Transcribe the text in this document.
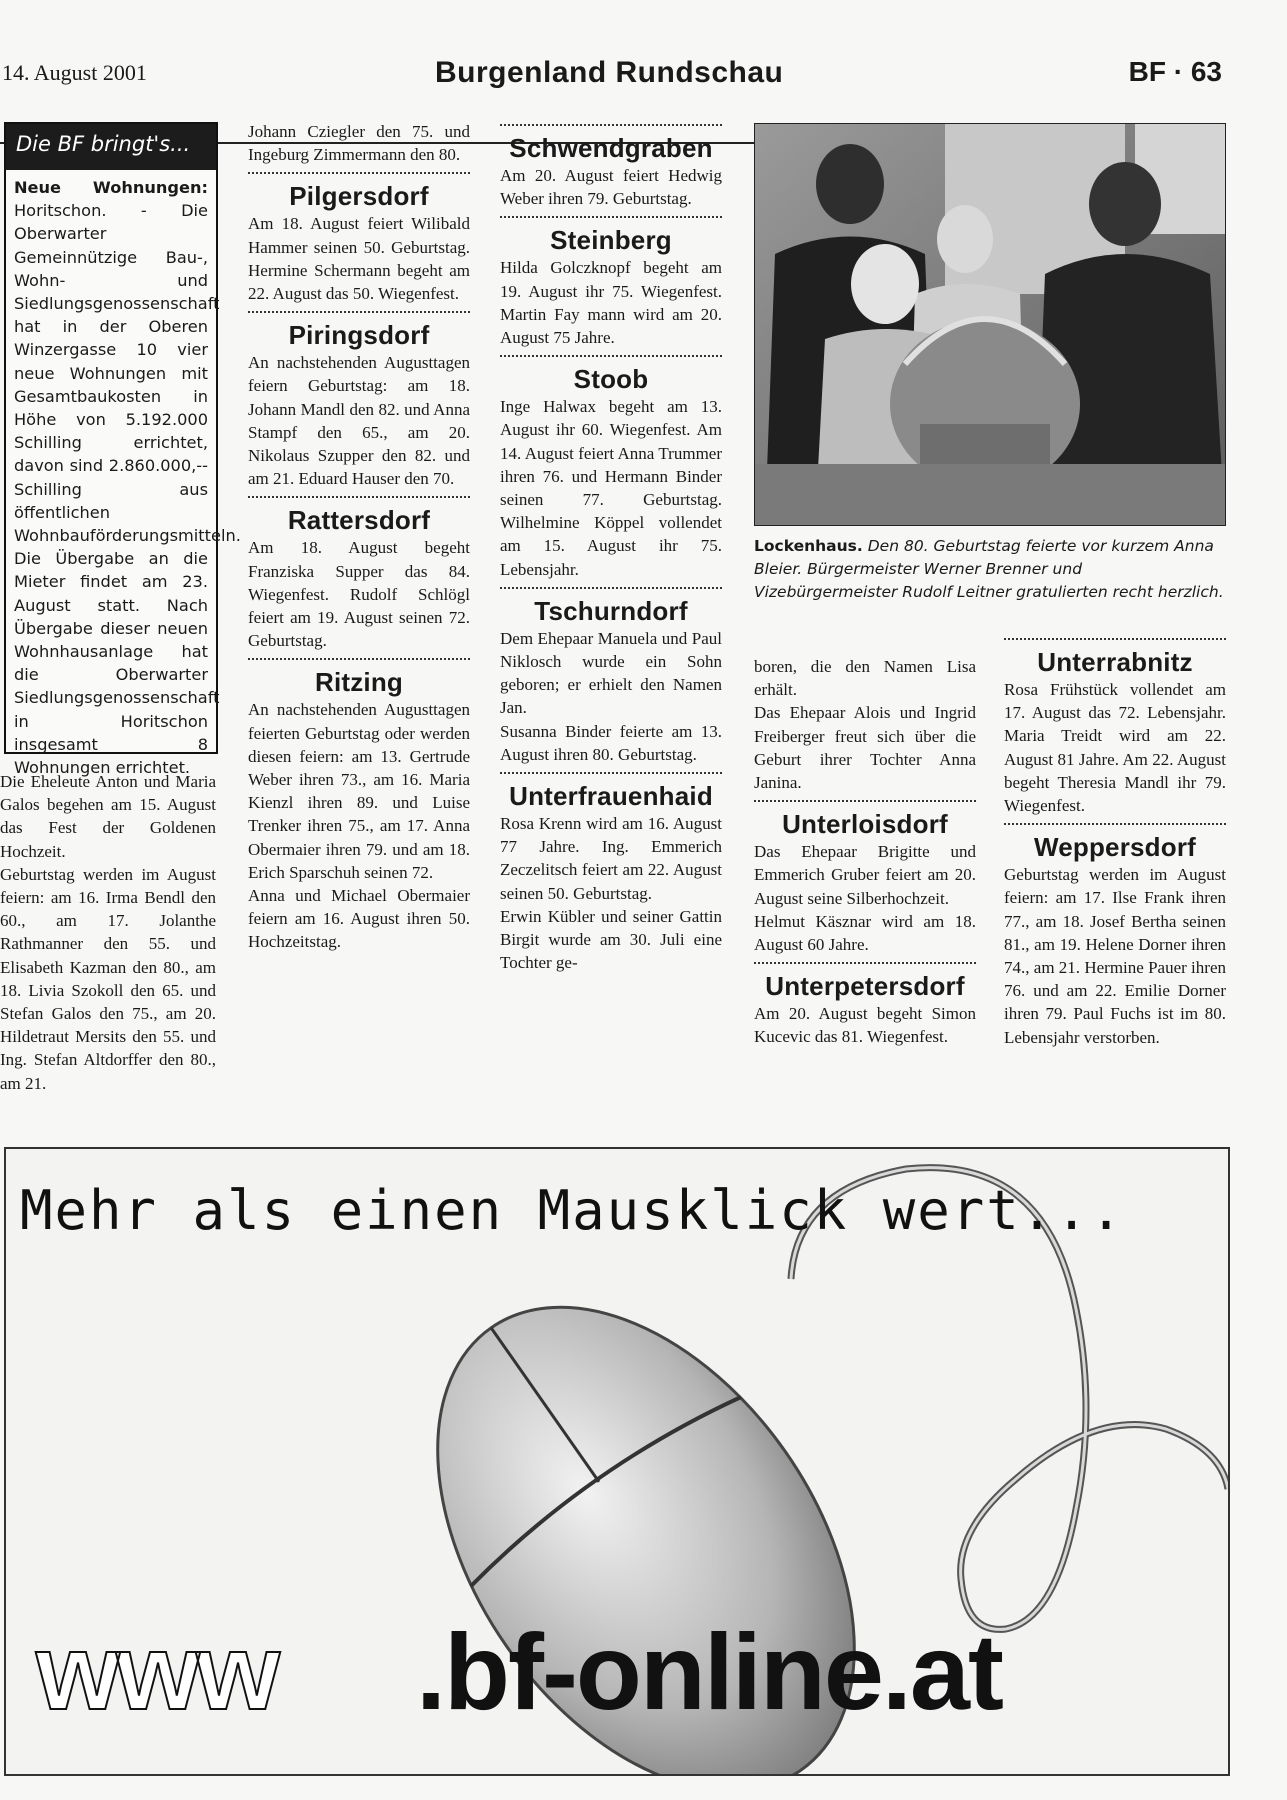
14. August 2001	Burgenland Rundschau	BF · 63
Die BF bringt's...
Neue Wohnungen: Horitschon. - Die Oberwarter Gemeinnützige Bau-, Wohn- und Siedlungsgenossenschaft hat in der Oberen Winzergasse 10 vier neue Wohnungen mit Gesamtbaukosten in Höhe von 5.192.000 Schilling errichtet, davon sind 2.860.000,-- Schilling aus öffentlichen Wohnbauförderungsmitteln. Die Übergabe an die Mieter findet am 23. August statt. Nach Übergabe dieser neuen Wohnhausanlage hat die Oberwarter Siedlungsgenossenschaft in Horitschon insgesamt 8 Wohnungen errichtet.

Die Eheleute Anton und Maria Galos begehen am 15. August das Fest der Goldenen Hochzeit.

Geburtstag werden im August feiern: am 16. Irma Bendl den 60., am 17. Jolanthe Rathmanner den 55. und Elisabeth Kazman den 80., am 18. Livia Szokoll den 65. und Stefan Galos den 75., am 20. Hildetraut Mersits den 55. und Ing. Stefan Altdorffer den 80., am 21.

Johann Cziegler den 75. und Ingeburg Zimmermann den 80.

Pilgersdorf

Am 18. August feiert Wilibald Hammer seinen 50. Geburtstag. Hermine Schermann begeht am 22. August das 50. Wiegenfest.

Piringsdorf

An nachstehenden Augusttagen feiern Geburtstag: am 18. Johann Mandl den 82. und Anna Stampf den 65., am 20. Nikolaus Szupper den 82. und am 21. Eduard Hauser den 70.

Rattersdorf

Am 18. August begeht Franziska Supper das 84. Wiegenfest. Rudolf Schlögl feiert am 19. August seinen 72. Geburtstag.

Ritzing

An nachstehenden Augusttagen feierten Geburtstag oder werden diesen feiern: am 13. Gertrude Weber ihren 73., am 16. Maria Kienzl ihren 89. und Luise Trenker ihren 75., am 17. Anna Obermaier ihren 79. und am 18. Erich Sparschuh seinen 72.

Anna und Michael Obermaier feiern am 16. August ihren 50. Hochzeitstag.

Schwendgraben

Am 20. August feiert Hedwig Weber ihren 79. Geburtstag.

Steinberg

Hilda Golczknopf begeht am 19. August ihr 75. Wiegenfest. Martin Fay mann wird am 20. August 75 Jahre.

Stoob

Inge Halwax begeht am 13. August ihr 60. Wiegenfest. Am 14. August feiert Anna Trummer ihren 76. und Hermann Binder seinen 77. Geburtstag. Wilhelmine Köppel vollendet am 15. August ihr 75. Lebensjahr.

Tschurndorf

Dem Ehepaar Manuela und Paul Niklosch wurde ein Sohn geboren; er erhielt den Namen Jan.

Susanna Binder feierte am 13. August ihren 80. Geburtstag.

Unterfrauenhaid

Rosa Krenn wird am 16. August 77 Jahre. Ing. Emmerich Zeczelitsch feiert am 22. August seinen 50. Geburtstag.

Erwin Kübler und seiner Gattin Birgit wurde am 30. Juli eine Tochter ge-

Lockenhaus. Den 80. Geburtstag feierte vor kurzem Anna Bleier. Bürgermeister Werner Brenner und Vizebürgermeister Rudolf Leitner gratulierten recht herzlich.

boren, die den Namen Lisa erhält.

Das Ehepaar Alois und Ingrid Freiberger freut sich über die Geburt ihrer Tochter Anna Janina.

Unterloisdorf

Das Ehepaar Brigitte und Emmerich Gruber feiert am 20. August seine Silberhochzeit.

Helmut Käsznar wird am 18. August 60 Jahre.

Unterpetersdorf

Am 20. August begeht Simon Kucevic das 81. Wiegenfest.

Unterrabnitz

Rosa Frühstück vollendet am 17. August das 72. Lebensjahr. Maria Treidt wird am 22. August 81 Jahre. Am 22. August begeht Theresia Mandl ihr 79. Wiegenfest.

Weppersdorf

Geburtstag werden im August feiern: am 17. Ilse Frank ihren 77., am 18. Josef Bertha seinen 81., am 19. Helene Dorner ihren 74., am 21. Hermine Pauer ihren 76. und am 22. Emilie Dorner ihren 79. Paul Fuchs ist im 80. Lebensjahr verstorben.

Mehr als einen Mausklick wert...
www .bf-online.at
